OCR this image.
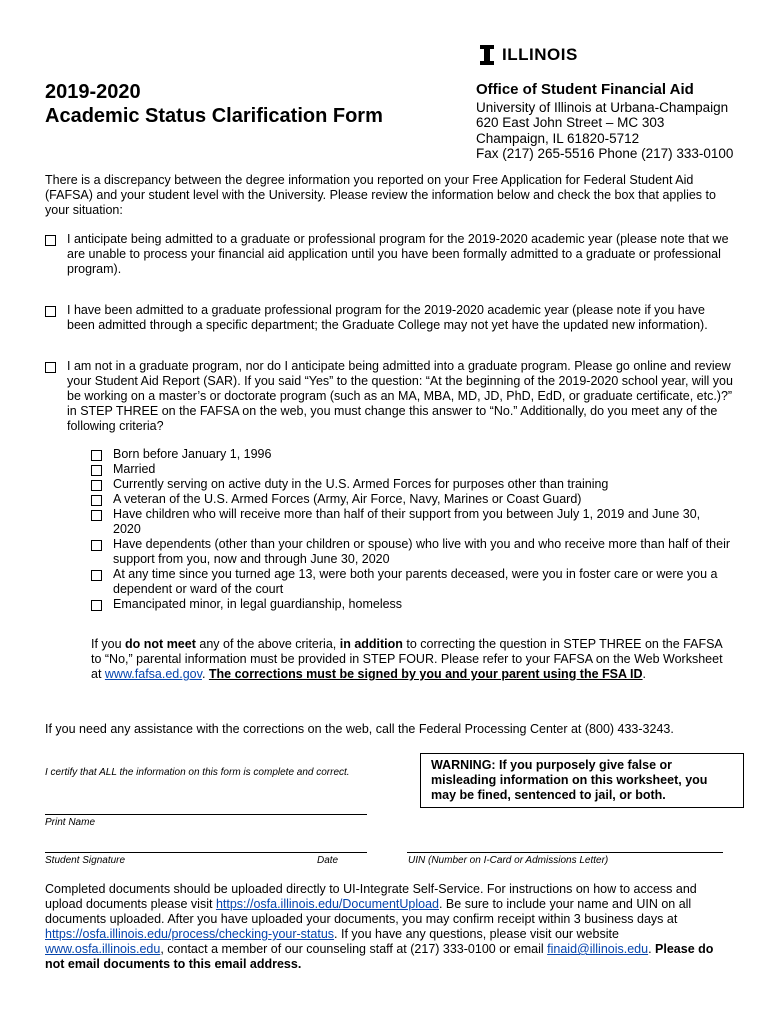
ILLINOIS
2019-2020
Academic Status Clarification Form
Office of Student Financial Aid
University of Illinois at Urbana-Champaign
620 East John Street – MC 303
Champaign, IL 61820-5712
Fax (217) 265-5516 Phone (217) 333-0100
There is a discrepancy between the degree information you reported on your Free Application for Federal Student Aid (FAFSA) and your student level with the University. Please review the information below and check the box that applies to your situation:
I anticipate being admitted to a graduate or professional program for the 2019-2020 academic year (please note that we are unable to process your financial aid application until you have been formally admitted to a graduate or professional program).
I have been admitted to a graduate professional program for the 2019-2020 academic year (please note if you have been admitted through a specific department; the Graduate College may not yet have the updated new information).
I am not in a graduate program, nor do I anticipate being admitted into a graduate program. Please go online and review your Student Aid Report (SAR). If you said “Yes” to the question: “At the beginning of the 2019-2020 school year, will you be working on a master’s or doctorate program (such as an MA, MBA, MD, JD, PhD, EdD, or graduate certificate, etc.)?” in STEP THREE on the FAFSA on the web, you must change this answer to “No.” Additionally, do you meet any of the following criteria?
Born before January 1, 1996
Married
Currently serving on active duty in the U.S. Armed Forces for purposes other than training
A veteran of the U.S. Armed Forces (Army, Air Force, Navy, Marines or Coast Guard)
Have children who will receive more than half of their support from you between July 1, 2019 and June 30, 2020
Have dependents (other than your children or spouse) who live with you and who receive more than half of their support from you, now and through June 30, 2020
At any time since you turned age 13, were both your parents deceased, were you in foster care or were you a dependent or ward of the court
Emancipated minor, in legal guardianship, homeless
If you do not meet any of the above criteria, in addition to correcting the question in STEP THREE on the FAFSA to “No,” parental information must be provided in STEP FOUR. Please refer to your FAFSA on the Web Worksheet at www.fafsa.ed.gov. The corrections must be signed by you and your parent using the FSA ID.
If you need any assistance with the corrections on the web, call the Federal Processing Center at (800) 433-3243.
WARNING: If you purposely give false or misleading information on this worksheet, you may be fined, sentenced to jail, or both.
I certify that ALL the information on this form is complete and correct.
Print Name
Student Signature	Date	UIN (Number on I-Card or Admissions Letter)
Completed documents should be uploaded directly to UI-Integrate Self-Service. For instructions on how to access and upload documents please visit https://osfa.illinois.edu/DocumentUpload. Be sure to include your name and UIN on all documents uploaded. After you have uploaded your documents, you may confirm receipt within 3 business days at https://osfa.illinois.edu/process/checking-your-status. If you have any questions, please visit our website www.osfa.illinois.edu, contact a member of our counseling staff at (217) 333-0100 or email finaid@illinois.edu. Please do not email documents to this email address.
